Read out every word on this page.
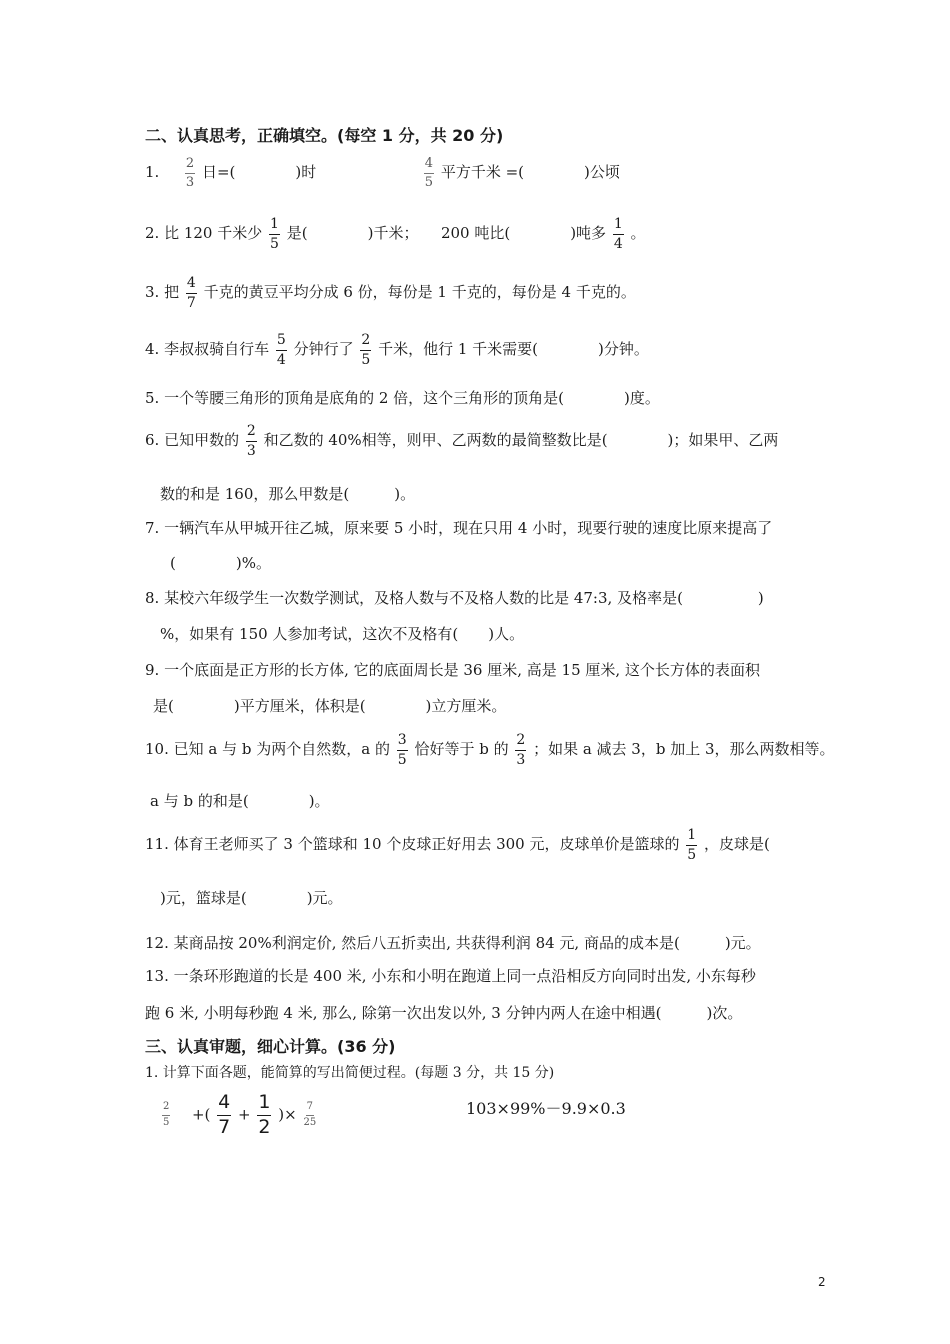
二、认真思考，正确填空。(每空 1 分，共 20 分)
1. $\frac{2}{3}$ 日=(　　　　)时	$\frac{4}{5}$ 平方千米 =(　　　　)公顷
2. 比 120 千米少 $\frac{1}{5}$ 是(　　　　)千米；　　200 吨比(　　　　)吨多 $\frac{1}{4}$ 。
3. 把 $\frac{4}{7}$ 千克的黄豆平均分成 6 份，每份是 1 千克的，每份是 4 千克的。
4. 李叔叔骑自行车 $\frac{5}{4}$ 分钟行了 $\frac{2}{5}$ 千米，他行 1 千米需要(　　　　)分钟。
5. 一个等腰三角形的顶角是底角的 2 倍，这个三角形的顶角是(　　　　)度。
6. 已知甲数的 $\frac{2}{3}$ 和乙数的 40%相等，则甲、乙两数的最简整数比是(　　　　)；如果甲、乙两
数的和是 160，那么甲数是(　　　)。
7. 一辆汽车从甲城开往乙城，原来要 5 小时，现在只用 4 小时，现要行驶的速度比原来提高了
(　　　　)%。
8. 某校六年级学生一次数学测试，及格人数与不及格人数的比是 47:3, 及格率是(　　　　　)
%，如果有 150 人参加考试，这次不及格有(　　)人。
9. 一个底面是正方形的长方体, 它的底面周长是 36 厘米, 高是 15 厘米, 这个长方体的表面积
是(　　　　)平方厘米，体积是(　　　　)立方厘米。
10. 已知 a 与 b 为两个自然数，a 的 $\frac{3}{5}$ 恰好等于 b 的 $\frac{2}{3}$ ；如果 a 减去 3，b 加上 3，那么两数相等。
a 与 b 的和是(　　　　)。
11. 体育王老师买了 3 个篮球和 10 个皮球正好用去 300 元，皮球单价是篮球的 $\frac{1}{5}$ ，皮球是(
)元，篮球是(　　　　)元。
12. 某商品按 20%利润定价, 然后八五折卖出, 共获得利润 84 元, 商品的成本是(　　　)元。
13. 一条环形跑道的长是 400 米, 小东和小明在跑道上同一点沿相反方向同时出发, 小东每秒
跑 6 米, 小明每秒跑 4 米, 那么, 除第一次出发以外, 3 分钟内两人在途中相遇(　　　)次。
三、认真审题，细心计算。(36 分)
1. 计算下面各题，能简算的写出简便过程。(每题 3 分，共 15 分)
$\frac{2}{5}$ +( $\frac{4}{7} + \frac{1}{2}$ )× $\frac{7}{25}$	103×99%－9.9×0.3
2
